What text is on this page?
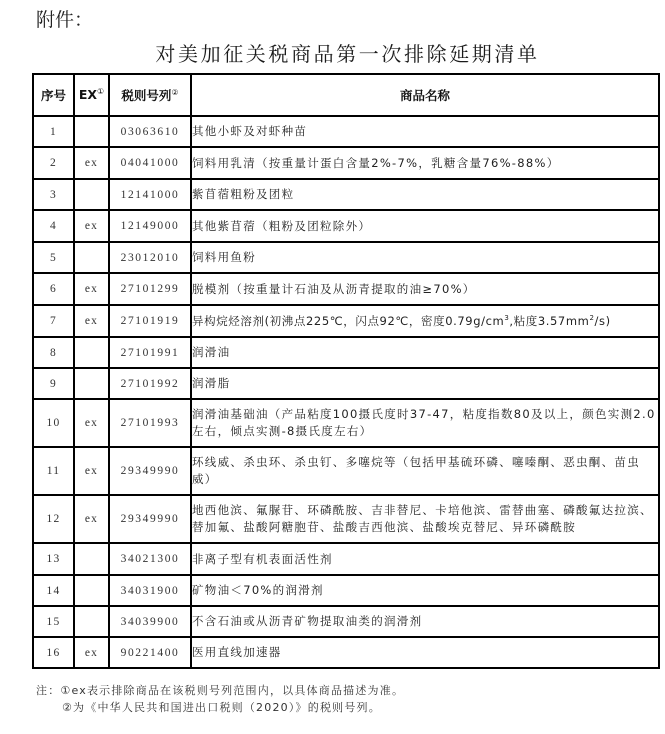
附件：
对美加征关税商品第一次排除延期清单
序号	EX①	税则号列②	商品名称
1		03063610	其他小虾及对虾种苗
2	ex	04041000	饲料用乳清（按重量计蛋白含量2%-7%，乳糖含量76%-88%）
3		12141000	紫苜蓿粗粉及团粒
4	ex	12149000	其他紫苜蓿（粗粉及团粒除外）
5		23012010	饲料用鱼粉
6	ex	27101299	脱模剂（按重量计石油及从沥青提取的油≥70%）
7	ex	27101919	异构烷烃溶剂(初沸点225℃，闪点92℃，密度$0.79g/cm^3$,粘度$3.57mm^2/s$)
8		27101991	润滑油
9		27101992	润滑脂
10	ex	27101993	润滑油基础油（产品粘度100摄氏度时37-47，粘度指数80及以上，颜色实测2.0左右，倾点实测-8摄氏度左右）
11	ex	29349990	环线威、杀虫环、杀虫钉、多噻烷等（包括甲基硫环磷、噻嗪酮、恶虫酮、苗虫威）
12	ex	29349990	地西他滨、氟脲苷、环磷酰胺、吉非替尼、卡培他滨、雷替曲塞、磷酸氟达拉滨、替加氟、盐酸阿糖胞苷、盐酸吉西他滨、盐酸埃克替尼、异环磷酰胺
13		34021300	非离子型有机表面活性剂
14		34031900	矿物油＜70%的润滑剂
15		34039900	不含石油或从沥青矿物提取油类的润滑剂
16	ex	90221400	医用直线加速器
注：①ex表示排除商品在该税则号列范围内，以具体商品描述为准。
②为《中华人民共和国进出口税则（2020）》的税则号列。
